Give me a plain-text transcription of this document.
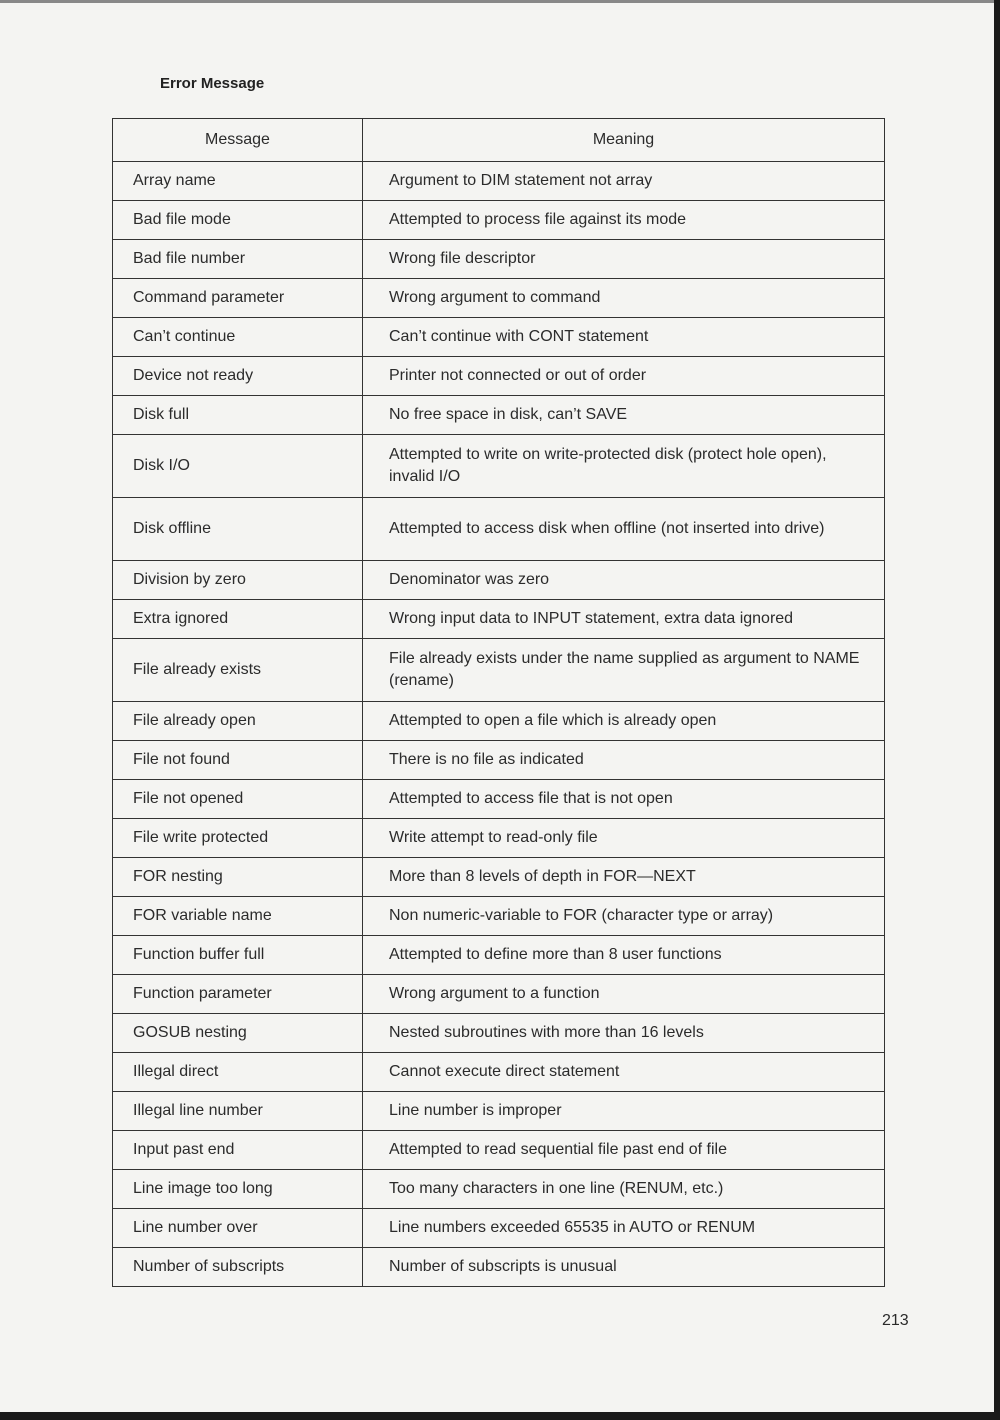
Error Message
Message	Meaning
Array name	Argument to DIM statement not array
Bad file mode	Attempted to process file against its mode
Bad file number	Wrong file descriptor
Command parameter	Wrong argument to command
Can’t continue	Can’t continue with CONT statement
Device not ready	Printer not connected or out of order
Disk full	No free space in disk, can’t SAVE
Disk I/O	Attempted to write on write-protected disk (protect hole open), invalid I/O
Disk offline	Attempted to access disk when offline (not inserted into drive)
Division by zero	Denominator was zero
Extra ignored	Wrong input data to INPUT statement, extra data ignored
File already exists	File already exists under the name supplied as argument to NAME (rename)
File already open	Attempted to open a file which is already open
File not found	There is no file as indicated
File not opened	Attempted to access file that is not open
File write protected	Write attempt to read-only file
FOR nesting	More than 8 levels of depth in FOR—NEXT
FOR variable name	Non numeric-variable to FOR (character type or array)
Function buffer full	Attempted to define more than 8 user functions
Function parameter	Wrong argument to a function
GOSUB nesting	Nested subroutines with more than 16 levels
Illegal direct	Cannot execute direct statement
Illegal line number	Line number is improper
Input past end	Attempted to read sequential file past end of file
Line image too long	Too many characters in one line (RENUM, etc.)
Line number over	Line numbers exceeded 65535 in AUTO or RENUM
Number of subscripts	Number of subscripts is unusual
213
